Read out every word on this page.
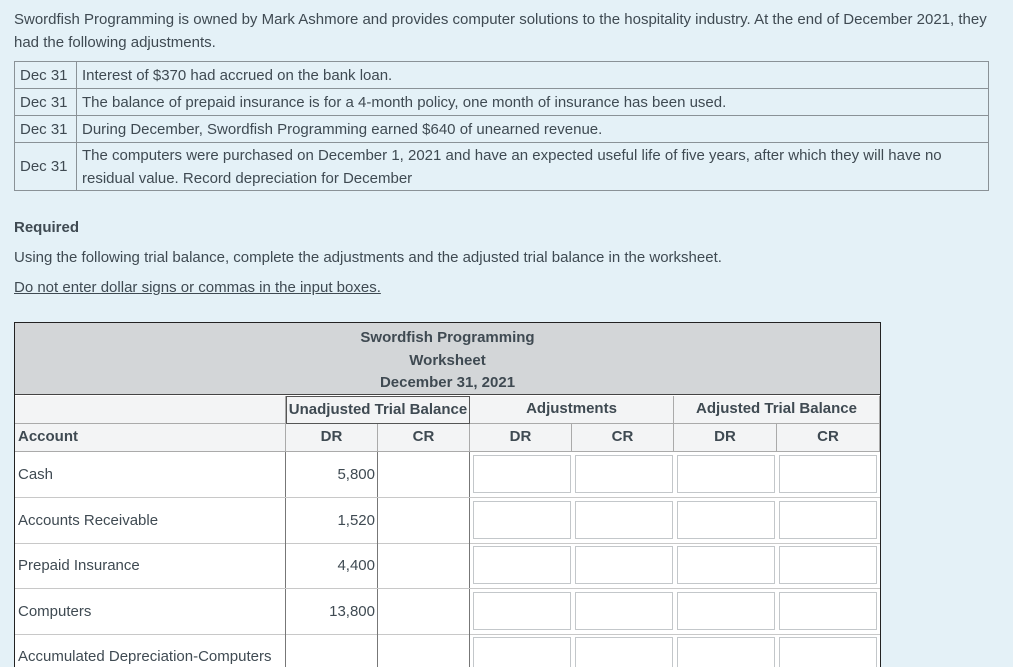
Swordfish Programming is owned by Mark Ashmore and provides computer solutions to the hospitality industry. At the end of December 2021, they had the following adjustments.
Dec 31	Interest of $370 had accrued on the bank loan.
Dec 31	The balance of prepaid insurance is for a 4-month policy, one month of insurance has been used.
Dec 31	During December, Swordfish Programming earned $640 of unearned revenue.
Dec 31	The computers were purchased on December 1, 2021 and have an expected useful life of five years, after which they will have no residual value. Record depreciation for December
Required
Using the following trial balance, complete the adjustments and the adjusted trial balance in the worksheet.
Do not enter dollar signs or commas in the input boxes.
Swordfish Programming
Worksheet
December 31, 2021
Unadjusted Trial Balance	Adjustments	Adjusted Trial Balance
Account	DR	CR	DR	CR	DR	CR
Cash	5,800
Accounts Receivable	1,520
Prepaid Insurance	4,400
Computers	13,800
Accumulated Depreciation-Computers
